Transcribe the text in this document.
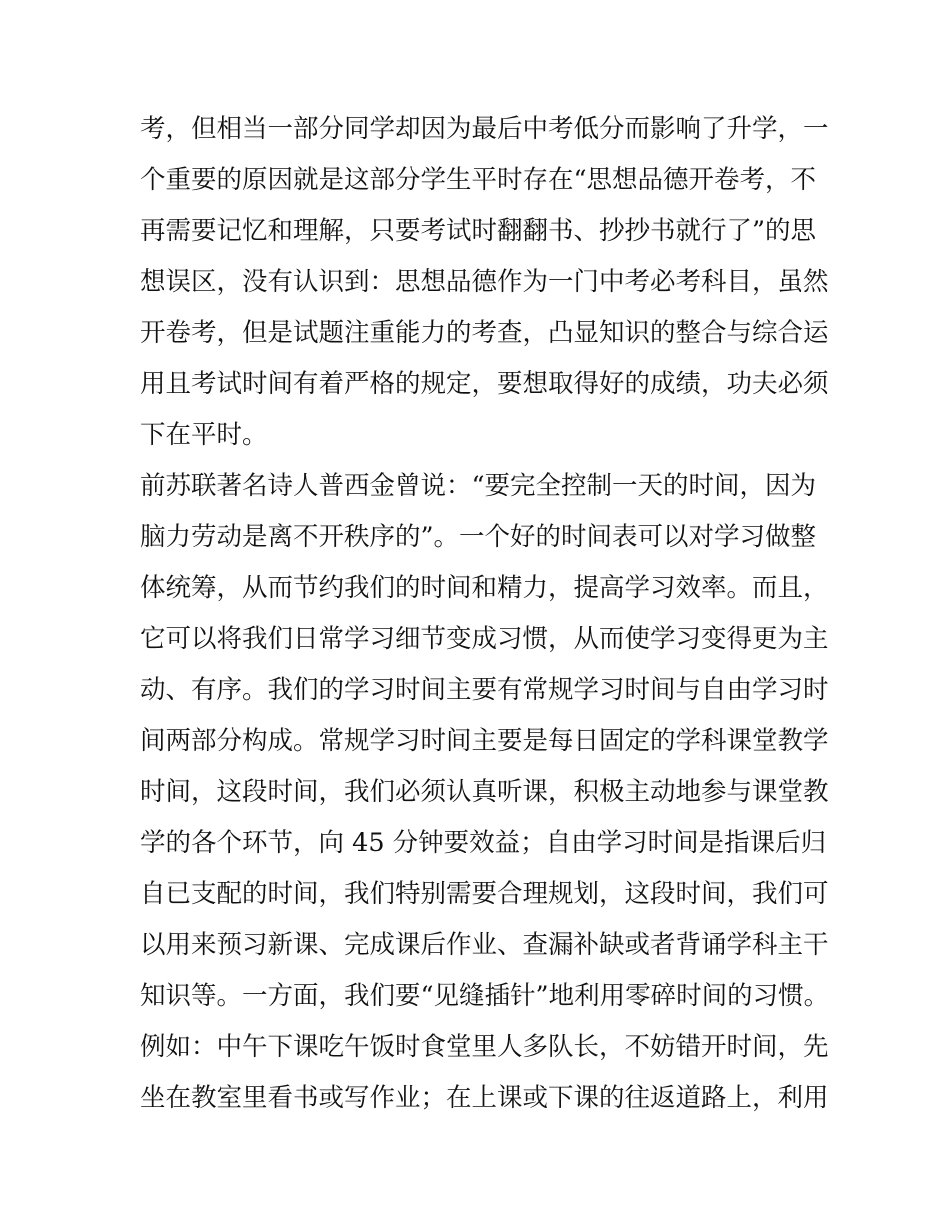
考，但相当一部分同学却因为最后中考低分而影响了升学，一
个重要的原因就是这部分学生平时存在“思想品德开卷考，不
再需要记忆和理解，只要考试时翻翻书、抄抄书就行了”的思
想误区，没有认识到：思想品德作为一门中考必考科目，虽然
开卷考，但是试题注重能力的考查，凸显知识的整合与综合运
用且考试时间有着严格的规定，要想取得好的成绩，功夫必须
下在平时。
前苏联著名诗人普西金曾说：“要完全控制一天的时间，因为
脑力劳动是离不开秩序的”。一个好的时间表可以对学习做整
体统筹，从而节约我们的时间和精力，提高学习效率。而且，
它可以将我们日常学习细节变成习惯，从而使学习变得更为主
动、有序。我们的学习时间主要有常规学习时间与自由学习时
间两部分构成。常规学习时间主要是每日固定的学科课堂教学
时间，这段时间，我们必须认真听课，积极主动地参与课堂教
学的各个环节，向 45 分钟要效益；自由学习时间是指课后归
自已支配的时间，我们特别需要合理规划，这段时间，我们可
以用来预习新课、完成课后作业、查漏补缺或者背诵学科主干
知识等。一方面，我们要“见缝插针”地利用零碎时间的习惯。
例如：中午下课吃午饭时食堂里人多队长，不妨错开时间，先
坐在教室里看书或写作业；在上课或下课的往返道路上，利用
